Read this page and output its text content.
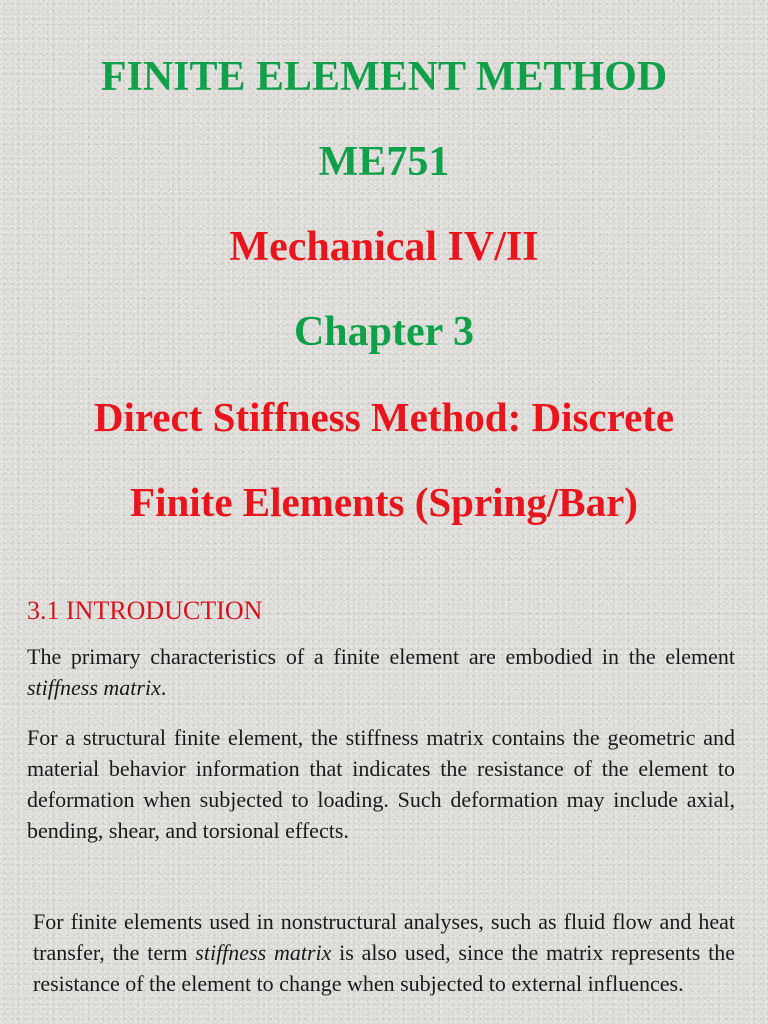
FINITE ELEMENT METHOD
ME751
Mechanical IV/II
Chapter 3
Direct Stiffness Method: Discrete
Finite Elements (Spring/Bar)
3.1 INTRODUCTION

The primary characteristics of a finite element are embodied in the element stiffness matrix.

For a structural finite element, the stiffness matrix contains the geometric and material behavior information that indicates the resistance of the element to deformation when subjected to loading. Such deformation may include axial, bending, shear, and torsional effects.

For finite elements used in nonstructural analyses, such as fluid flow and heat transfer, the term stiffness matrix is also used, since the matrix represents the resistance of the element to change when subjected to external influences.
